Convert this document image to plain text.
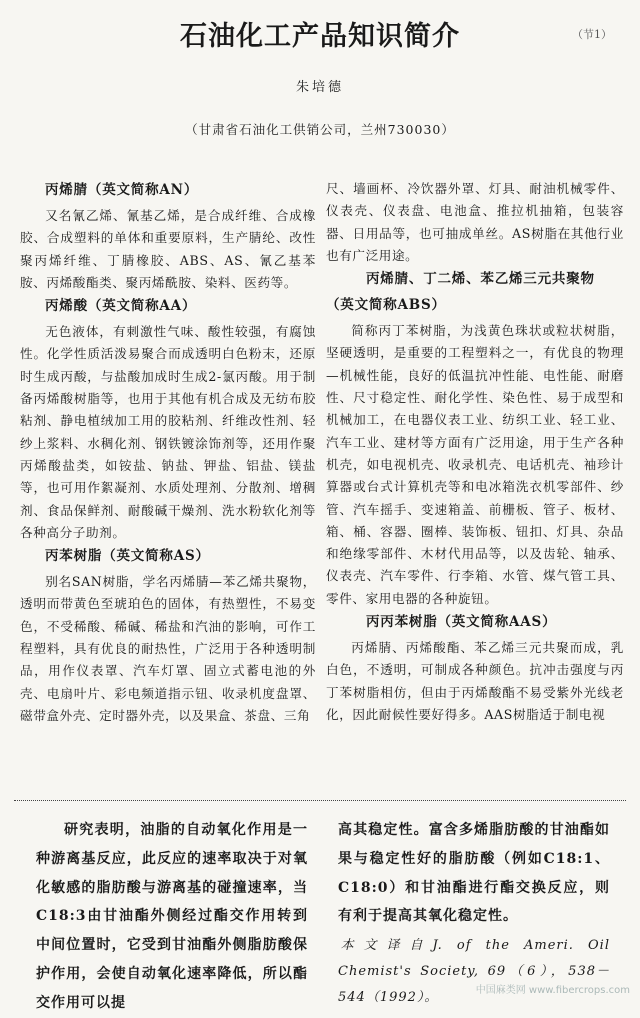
（节1）
石油化工产品知识简介
朱培德
（甘肃省石油化工供销公司，兰州730030）
丙烯腈（英文简称AN）

又名氰乙烯、氰基乙烯，是合成纤维、合成橡胶、合成塑料的单体和重要原料，生产腈纶、改性聚丙烯纤维、丁腈橡胶、ABS、AS、氰乙基苯胺、丙烯酸酯类、聚丙烯酰胺、染料、医药等。

丙烯酸（英文简称AA）

无色液体，有刺激性气味、酸性较强，有腐蚀性。化学性质活泼易聚合而成透明白色粉末，还原时生成丙酸，与盐酸加成时生成2-氯丙酸。用于制备丙烯酸树脂等，也用于其他有机合成及无纺布胶粘剂、静电植绒加工用的胶粘剂、纤维改性剂、轻纱上浆料、水稠化剂、钢铁镀涂饰剂等，还用作聚丙烯酸盐类，如铵盐、钠盐、钾盐、铝盐、镁盐等，也可用作絮凝剂、水质处理剂、分散剂、增稠剂、食品保鲜剂、耐酸碱干燥剂、洗水粉软化剂等各种高分子助剂。

丙苯树脂（英文简称AS）

别名SAN树脂，学名丙烯腈—苯乙烯共聚物，透明而带黄色至琥珀色的固体，有热塑性，不易变色，不受稀酸、稀碱、稀盐和汽油的影响，可作工程塑料，具有优良的耐热性，广泛用于各种透明制品，用作仪表罩、汽车灯罩、固立式蓄电池的外壳、电扇叶片、彩电频道指示钮、收录机度盘罩、磁带盒外壳、定时器外壳，以及果盒、茶盘、三角

尺、墙画杯、冷饮器外罩、灯具、耐油机械零件、仪表壳、仪表盘、电池盒、推拉机抽箱，包装容器、日用品等，也可抽成单丝。AS树脂在其他行业也有广泛用途。

丙烯腈、丁二烯、苯乙烯三元共聚物
（英文简称ABS）

简称丙丁苯树脂，为浅黄色珠状或粒状树脂，坚硬透明，是重要的工程塑料之一，有优良的物理—机械性能，良好的低温抗冲性能、电性能、耐磨性、尺寸稳定性、耐化学性、染色性、易于成型和机械加工，在电器仪表工业、纺织工业、轻工业、汽车工业、建材等方面有广泛用途，用于生产各种机壳，如电视机壳、收录机壳、电话机壳、袖珍计算器或台式计算机壳等和电冰箱洗衣机零部件、纱管、汽车摇手、变速箱盖、前栅板、管子、板材、箱、桶、容器、圈棒、装饰板、钮扣、灯具、杂品和绝缘零部件、木材代用品等，以及齿轮、轴承、仪表壳、汽车零件、行李箱、水管、煤气管工具、零件、家用电器的各种旋钮。

丙丙苯树脂（英文简称AAS）

丙烯腈、丙烯酸酯、苯乙烯三元共聚而成，乳白色，不透明，可制成各种颜色。抗冲击强度与丙丁苯树脂相仿，但由于丙烯酸酯不易受紫外光线老化，因此耐候性要好得多。AAS树脂适于制电视

研究表明，油脂的自动氧化作用是一种游离基反应，此反应的速率取决于对氧化敏感的脂肪酸与游离基的碰撞速率，当C18:3由甘油酯外侧经过酯交作用转到中间位置时，它受到甘油酯外侧脂肪酸保护作用，会使自动氧化速率降低，所以酯交作用可以提

高其稳定性。富含多烯脂肪酸的甘油酯如果与稳定性好的脂肪酸（例如C18:1、C18:0）和甘油酯进行酯交换反应，则有利于提高其氧化稳定性。

本文译自J. of the Ameri. Oil Chemist's Society, 69（6），538－544（1992）。	中国麻类网 www.fibercrops.com
